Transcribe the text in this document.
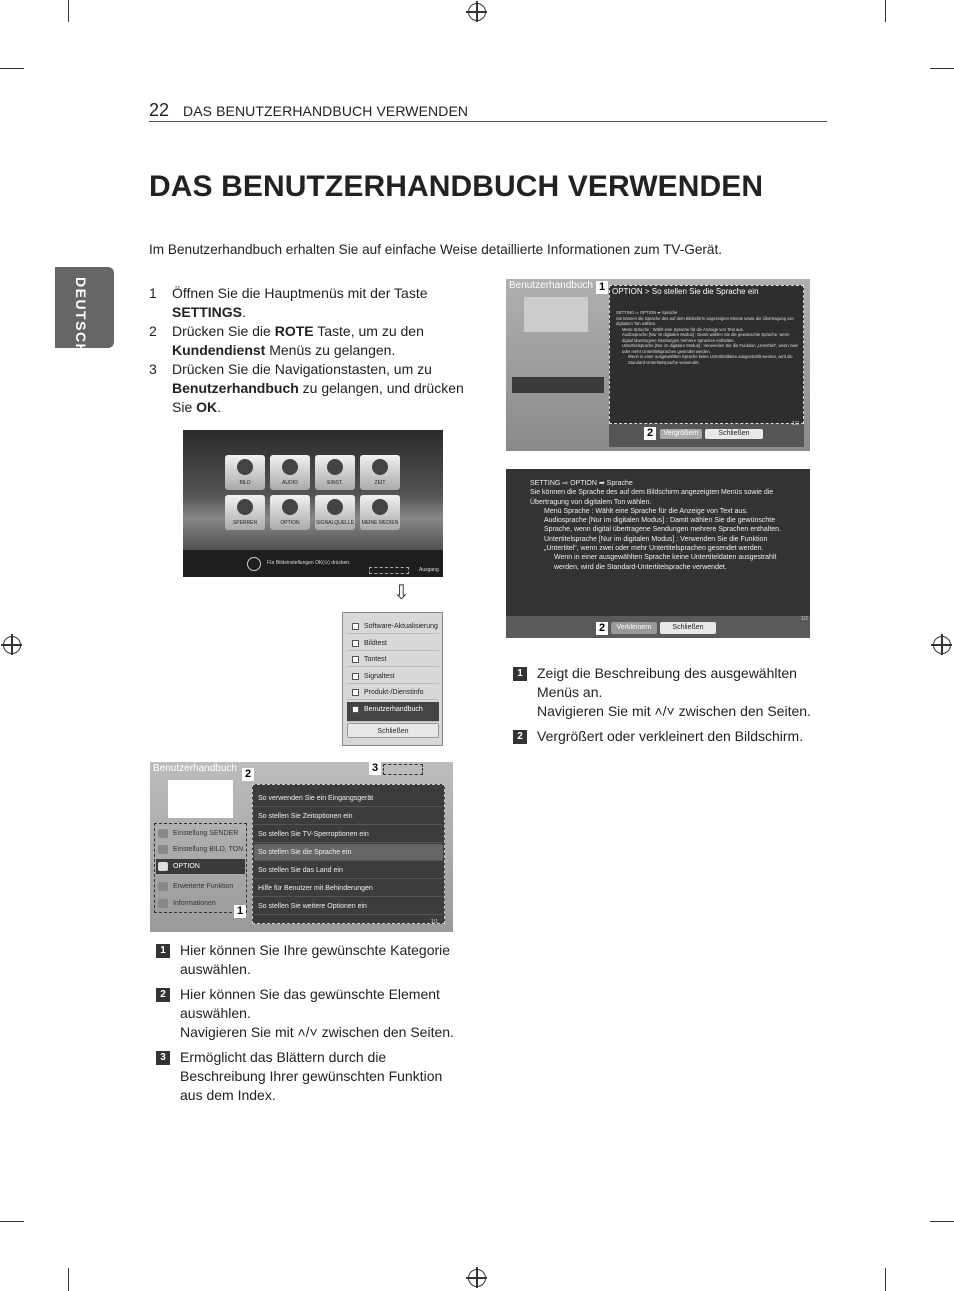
22 DAS BENUTZERHANDBUCH VERWENDEN
DAS BENUTZERHANDBUCH VERWENDEN
Im Benutzerhandbuch erhalten Sie auf einfache Weise detaillierte Informationen zum TV-Gerät.
DEUTSCH	1 Öffnen Sie die Hauptmenüs mit der Taste SETTINGS.
2 Drücken Sie die ROTE Taste, um zu den Kundendienst Menüs zu gelangen.
3 Drücken Sie die Navigationstasten, um zu Benutzerhandbuch zu gelangen, und drücken Sie OK.
BILD	AUDIO	EINST.	ZEIT
SPERREN	OPTION	SIGNALQUELLE	MEINE MEDIEN
Für Bildeinstellungen OK(⊙) drücken.
Ausgang
⇩
Software-Aktualisierung
Bildtest
Tontest
Signaltest
Produkt-/Dienstinfo
Benutzerhandbuch
Schließen
Benutzerhandbuch
Einstellung SENDER
Einstellung BILD, TON
OPTION
Erweiterte Funktion
Informationen
So verwenden Sie ein Eingangsgerät
So stellen Sie Zeitoptionen ein
So stellen Sie TV-Sperroptionen ein
So stellen Sie die Sprache ein
So stellen Sie das Land ein
Hilfe für Benutzer mit Behinderungen
So stellen Sie weitere Optionen ein
1/1
2	3
1
1	Hier können Sie Ihre gewünschte Kategorie auswählen.
2	Hier können Sie das gewünschte Element auswählen.
Navigieren Sie mit ˄/˅ zwischen den Seiten.
3	Ermöglicht das Blättern durch die Beschreibung Ihrer gewünschten Funktion aus dem Index.
Benutzerhandbuch
OPTION > So stellen Sie die Sprache ein
SETTING ⇨ OPTION ➡ Sprache
Sie können die Sprache des auf dem Bildschirm angezeigten Menüs sowie die Übertragung von digitalem Ton wählen.
Menü Sprache : Wählt eine Sprache für die Anzeige von Text aus.
Audiosprache [Nur im digitalen Modus] : Damit wählen Sie die gewünschte Sprache, wenn digital übertragene Sendungen mehrere Sprachen enthalten.
Untertitelsprache [Nur im digitalen Modus] : Verwenden Sie die Funktion „Untertitel“, wenn zwei oder mehr Untertitelsprachen gesendet werden.
Wenn in einer ausgewählten Sprache keine Untertiteldaten ausgestrahlt werden, wird die Standard-Untertitelsprache verwendet.
Vergrößern	Schließen
1/2
1
2
SETTING ⇨ OPTION ➡ Sprache
Sie können die Sprache des auf dem Bildschirm angezeigten Menüs sowie die Übertragung von digitalem Ton wählen.
Menü Sprache : Wählt eine Sprache für die Anzeige von Text aus.
Audiosprache [Nur im digitalen Modus] : Damit wählen Sie die gewünschte Sprache, wenn digital übertragene Sendungen mehrere Sprachen enthalten.
Untertitelsprache [Nur im digitalen Modus] : Verwenden Sie die Funktion „Untertitel“, wenn zwei oder mehr Untertitelsprachen gesendet werden.
Wenn in einer ausgewählten Sprache keine Untertiteldaten ausgestrahlt werden, wird die Standard-Untertitelsprache verwendet.
Verkleinern	Schließen
1/2
2
1	Zeigt die Beschreibung des ausgewählten Menüs an.
Navigieren Sie mit ˄/˅ zwischen den Seiten.
2	Vergrößert oder verkleinert den Bildschirm.
